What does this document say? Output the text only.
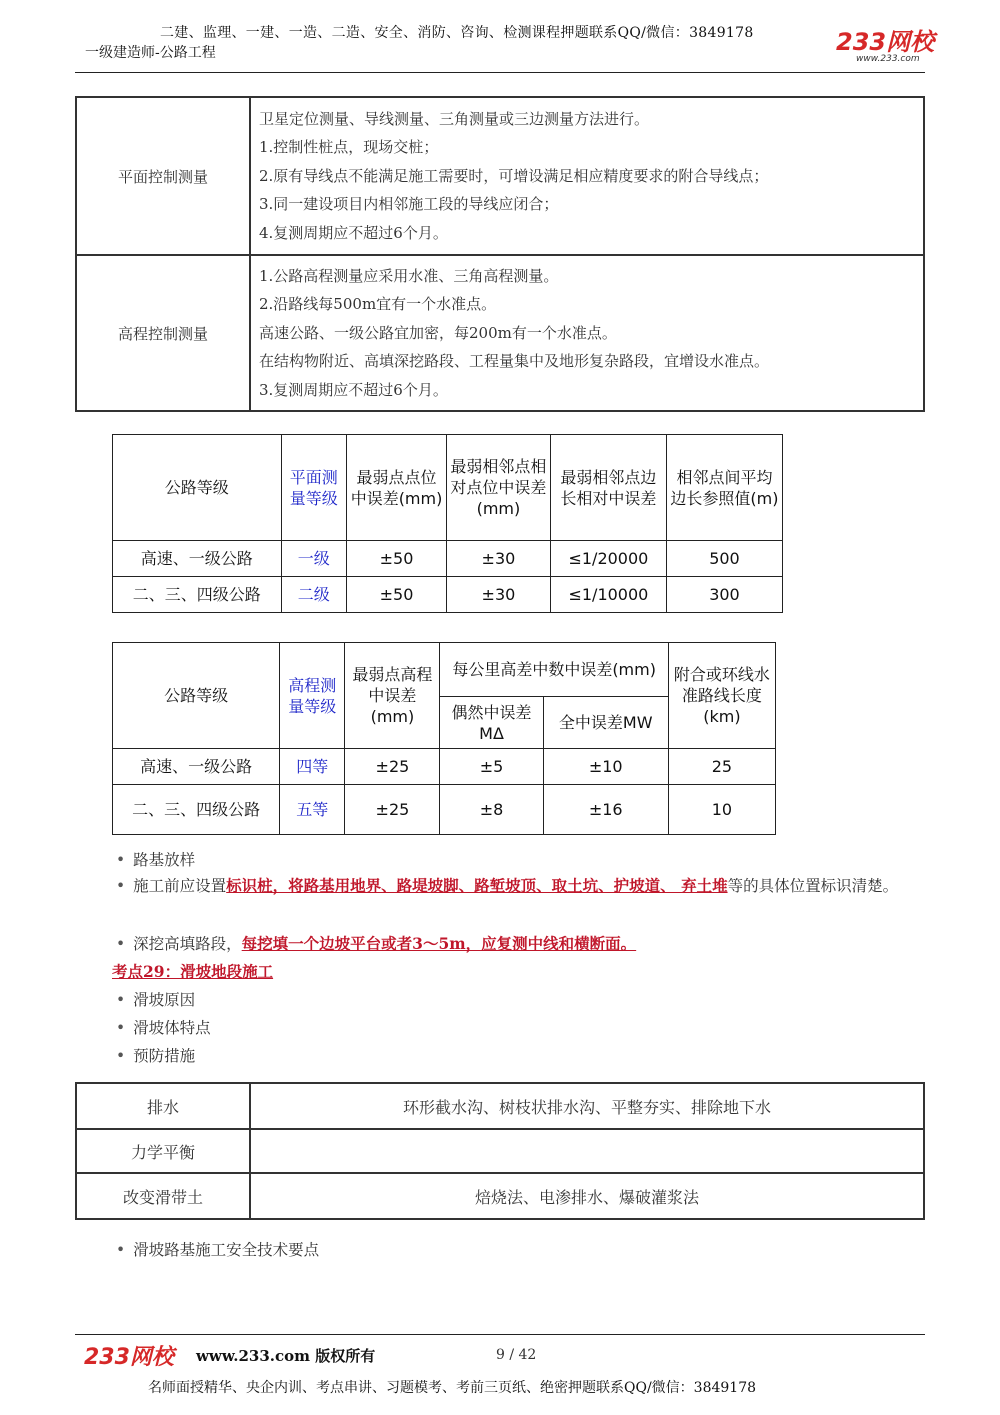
二建、监理、一建、一造、二造、安全、消防、咨询、检测课程押题联系QQ/微信：3849178
一级建造师-公路工程	233网校
www.233.com
平面控制测量	卫星定位测量、导线测量、三角测量或三边测量方法进行。
1.控制性桩点，现场交桩；
2.原有导线点不能满足施工需要时，可增设满足相应精度要求的附合导线点；
3.同一建设项目内相邻施工段的导线应闭合；
4.复测周期应不超过6个月。

高程控制测量	1.公路高程测量应采用水准、三角高程测量。
2.沿路线每500m宜有一个水准点。
高速公路、一级公路宜加密，每200m有一个水准点。
在结构物附近、高填深挖路段、工程量集中及地形复杂路段，宜增设水准点。
3.复测周期应不超过6个月。
公路等级	平面测量等级	最弱点点位中误差(mm)	最弱相邻点相对点位中误差(mm)	最弱相邻点边长相对中误差	相邻点间平均边长参照值(m)
高速、一级公路	一级	±50	±30	≤1/20000	500
二、三、四级公路	二级	±50	±30	≤1/10000	300
公路等级	高程测量等级	最弱点高程中误差(mm)	每公里高差中数中误差(mm)		附合或环线水准路线长度(km)
			偶然中误差MΔ	全中误差MW	
高速、一级公路	四等	±25	±5	±10	25
二、三、四级公路	五等	±25	±8	±16	10
• 路基放样
• 施工前应设置标识桩，将路基用地界、路堤坡脚、路堑坡顶、取土坑、护坡道、 弃土堆等的具体位置标识清楚。
• 深挖高填路段，每挖填一个边坡平台或者3～5m，应复测中线和横断面。
考点29：滑坡地段施工
• 滑坡原因
• 滑坡体特点
• 预防措施
排水	环形截水沟、树枝状排水沟、平整夯实、排除地下水
力学平衡	
改变滑带土	焙烧法、电渗排水、爆破灌浆法
• 滑坡路基施工安全技术要点
233网校 www.233.com 版权所有	9 / 42
名师面授精华、央企内训、考点串讲、习题模考、考前三页纸、绝密押题联系QQ/微信：3849178
